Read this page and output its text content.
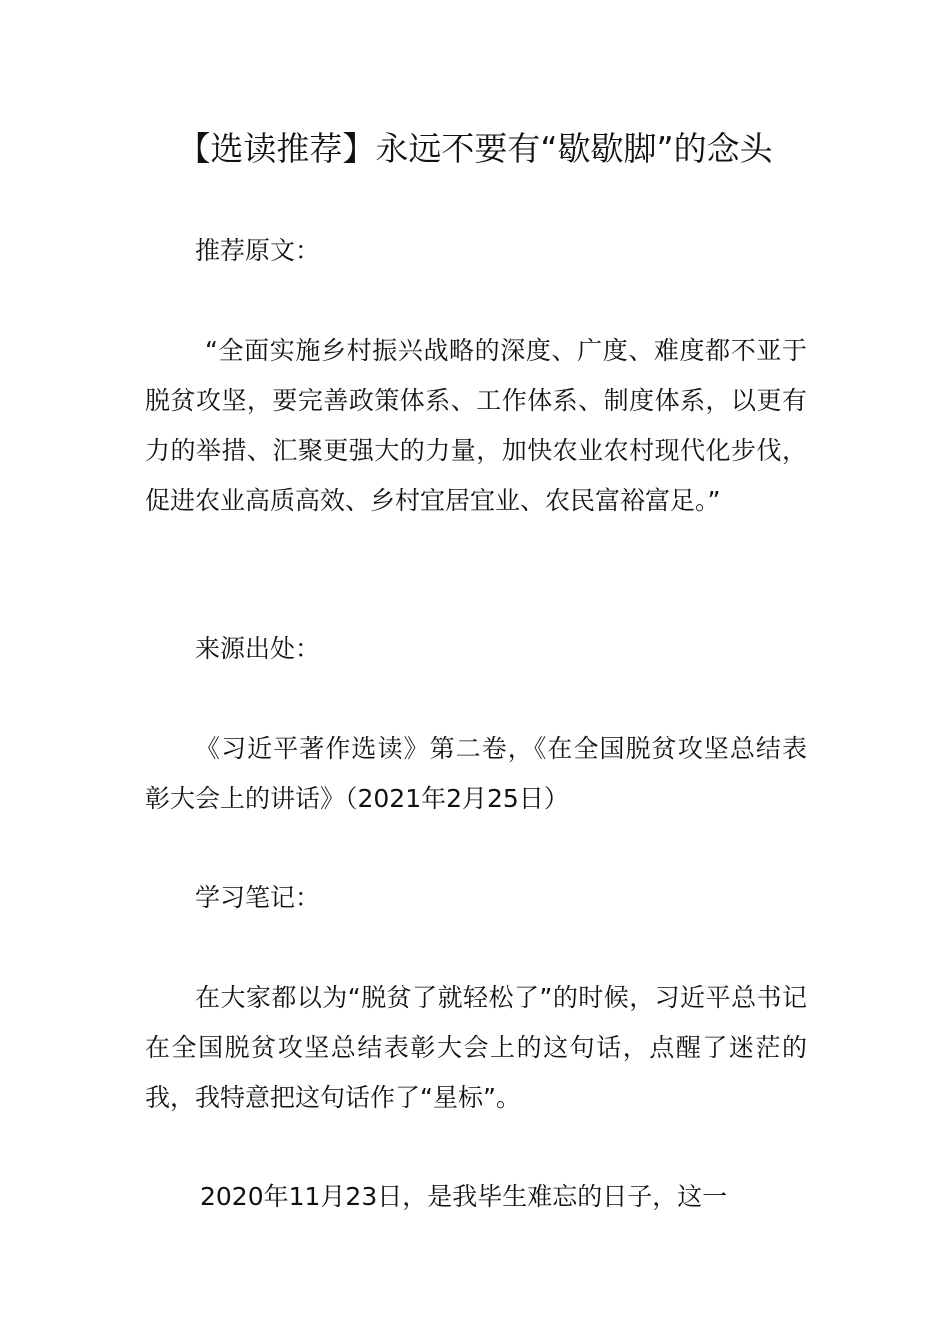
【选读推荐】永远不要有“歇歇脚”的念头

推荐原文：

“全面实施乡村振兴战略的深度、广度、难度都不亚于脱贫攻坚，要完善政策体系、工作体系、制度体系，以更有力的举措、汇聚更强大的力量，加快农业农村现代化步伐，促进农业高质高效、乡村宜居宜业、农民富裕富足。”

来源出处：

《习近平著作选读》第二卷，《在全国脱贫攻坚总结表彰大会上的讲话》（2021年2月25日）

学习笔记：

在大家都以为“脱贫了就轻松了”的时候，习近平总书记在全国脱贫攻坚总结表彰大会上的这句话，点醒了迷茫的我，我特意把这句话作了“星标”。

2020年11月23日，是我毕生难忘的日子，这一
